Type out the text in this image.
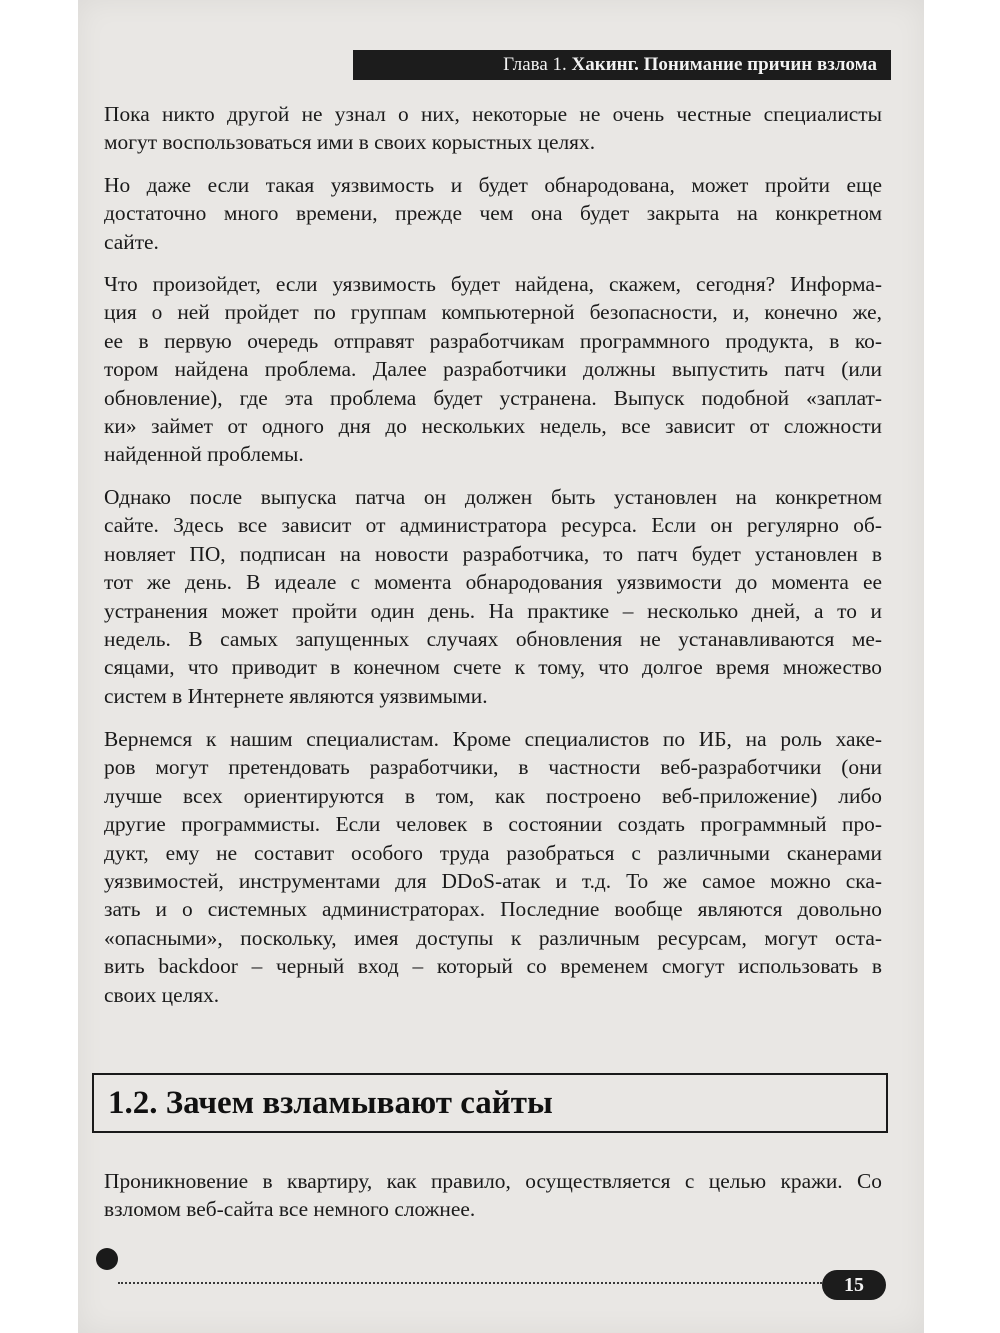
Глава 1. Хакинг. Понимание причин взлома
Пока никто другой не узнал о них, некоторые не очень честные специалисты
могут воспользоваться ими в своих корыстных целях.
Но даже если такая уязвимость и будет обнародована, может пройти еще
достаточно много времени, прежде чем она будет закрыта на конкретном
сайте.
Что произойдет, если уязвимость будет найдена, скажем, сегодня? Информа-
ция о ней пройдет по группам компьютерной безопасности, и, конечно же,
ее в первую очередь отправят разработчикам программного продукта, в ко-
тором найдена проблема. Далее разработчики должны выпустить патч (или
обновление), где эта проблема будет устранена. Выпуск подобной «заплат-
ки» займет от одного дня до нескольких недель, все зависит от сложности
найденной проблемы.
Однако после выпуска патча он должен быть установлен на конкретном
сайте. Здесь все зависит от администратора ресурса. Если он регулярно об-
новляет ПО, подписан на новости разработчика, то патч будет установлен в
тот же день. В идеале с момента обнародования уязвимости до момента ее
устранения может пройти один день. На практике – несколько дней, а то и
недель. В самых запущенных случаях обновления не устанавливаются ме-
сяцами, что приводит в конечном счете к тому, что долгое время множество
систем в Интернете являются уязвимыми.
Вернемся к нашим специалистам. Кроме специалистов по ИБ, на роль хаке-
ров могут претендовать разработчики, в частности веб-разработчики (они
лучше всех ориентируются в том, как построено веб-приложение) либо
другие программисты. Если человек в состоянии создать программный про-
дукт, ему не составит особого труда разобраться с различными сканерами
уязвимостей, инструментами для DDoS-атак и т.д. То же самое можно ска-
зать и о системных администраторах. Последние вообще являются довольно
«опасными», поскольку, имея доступы к различным ресурсам, могут оста-
вить backdoor – черный вход – который со временем смогут использовать в
своих целях.
1.2. Зачем взламывают сайты
Проникновение в квартиру, как правило, осуществляется с целью кражи. Со
взломом веб-сайта все немного сложнее.
15
